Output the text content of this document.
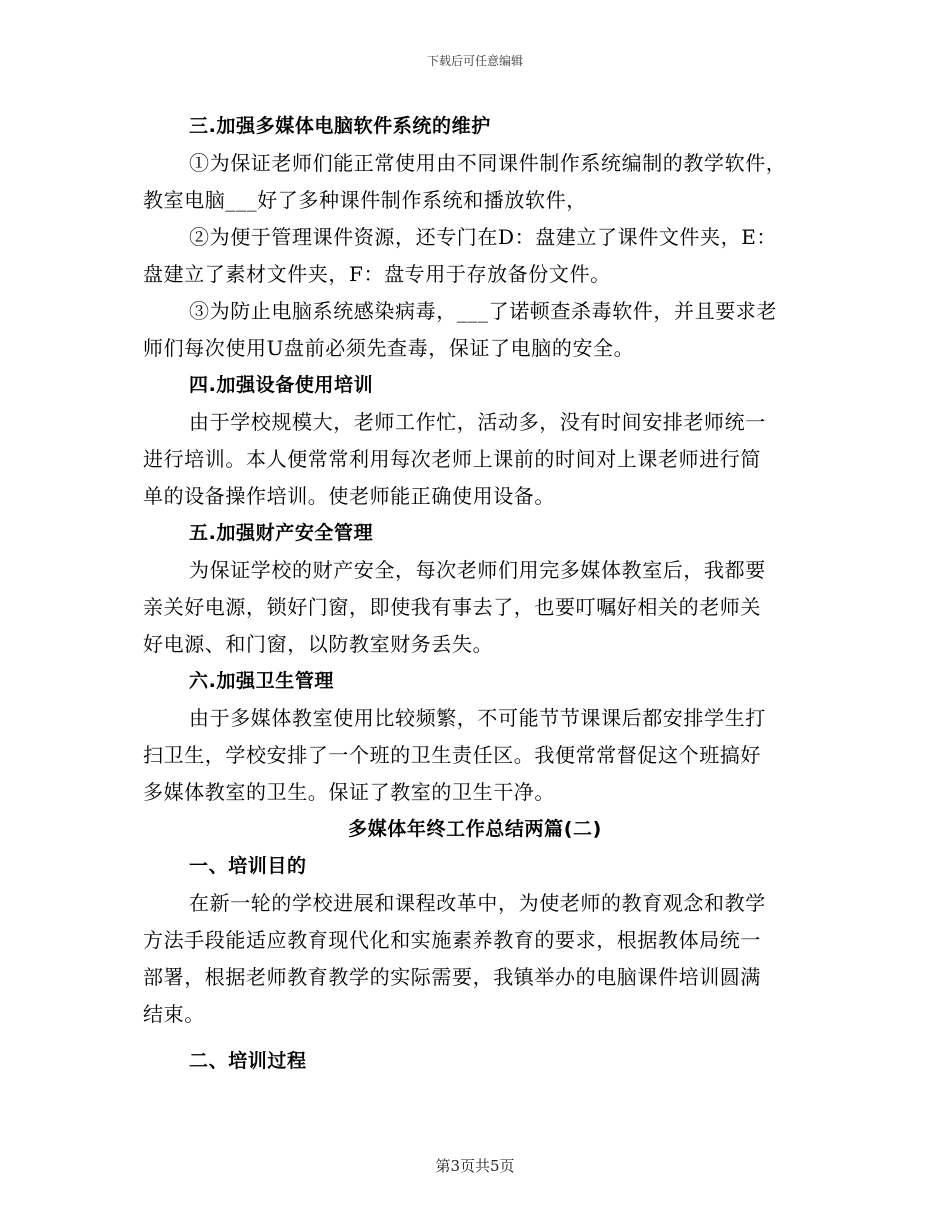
下载后可任意编辑
三.加强多媒体电脑软件系统的维护
①为保证老师们能正常使用由不同课件制作系统编制的教学软件，
教室电脑___好了多种课件制作系统和播放软件，
②为便于管理课件资源，还专门在D：盘建立了课件文件夹，E：
盘建立了素材文件夹，F：盘专用于存放备份文件。
③为防止电脑系统感染病毒，___了诺顿查杀毒软件，并且要求老
师们每次使用U盘前必须先查毒，保证了电脑的安全。
四.加强设备使用培训
由于学校规模大，老师工作忙，活动多，没有时间安排老师统一
进行培训。本人便常常利用每次老师上课前的时间对上课老师进行简
单的设备操作培训。使老师能正确使用设备。
五.加强财产安全管理
为保证学校的财产安全，每次老师们用完多媒体教室后，我都要
亲关好电源，锁好门窗，即使我有事去了，也要叮嘱好相关的老师关
好电源、和门窗，以防教室财务丢失。
六.加强卫生管理
由于多媒体教室使用比较频繁，不可能节节课课后都安排学生打
扫卫生，学校安排了一个班的卫生责任区。我便常常督促这个班搞好
多媒体教室的卫生。保证了教室的卫生干净。
多媒体年终工作总结两篇(二)
一、培训目的
在新一轮的学校进展和课程改革中，为使老师的教育观念和教学
方法手段能适应教育现代化和实施素养教育的要求，根据教体局统一
部署，根据老师教育教学的实际需要，我镇举办的电脑课件培训圆满
结束。
二、培训过程
第3页共5页
